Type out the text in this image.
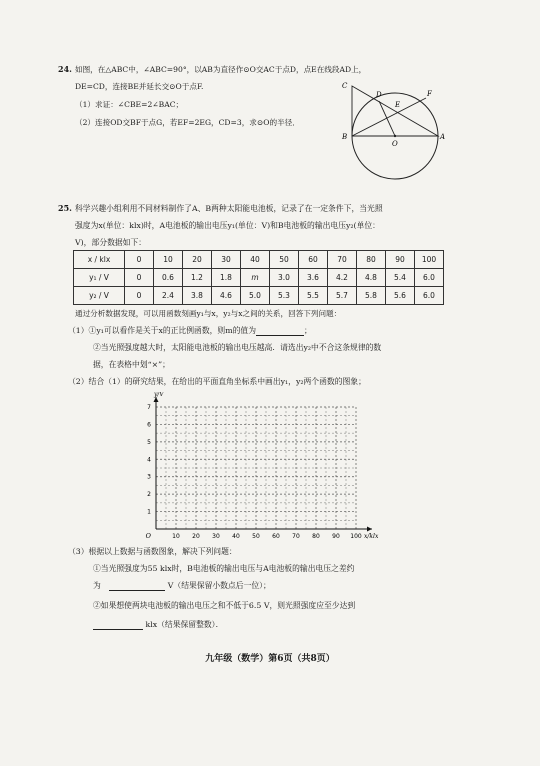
24. 如图，在△ABC中，∠ABC=90°，以AB为直径作⊙O交AC于点D，点E在线段AD上，
DE=CD，连接BE并延长交⊙O于点F.
（1）求证：∠CBE=2∠BAC；
（2）连接OD交BF于点G，若EF=2EG，CD=3，求⊙O的半径．
C
D
E
F
B
O
A
25. 科学兴趣小组利用不同材料制作了A、B两种太阳能电池板，记录了在一定条件下，当光照
强度为x(单位：klx)时，A电池板的输出电压y₁(单位：V)和B电池板的输出电压y₂(单位：
V)，部分数据如下：
x / klx	0	10	20	30	40	50	60	70	80	90	100
y₁ / V	0	0.6	1.2	1.8	m	3.0	3.6	4.2	4.8	5.4	6.0
y₂ / V	0	2.4	3.8	4.6	5.0	5.3	5.5	5.7	5.8	5.6	6.0
通过分析数据发现，可以用函数刻画y₁与x，y₂与x之间的关系，回答下列问题：
（1）①y₁可以看作是关于x的正比例函数，则m的值为	；
②当光照强度越大时，太阳能电池板的输出电压越高．请选出y₂中不合这条规律的数
据，在表格中划“×”；
（2）结合（1）的研究结果，在给出的平面直角坐标系中画出y₁，y₂两个函数的图象；
10 20 30 40 50 60 70 80 90 100
1
2
3
4
5
6
7
O	x/klx
y/V
（3）根据以上数据与函数图象，解决下列问题：
①当光照强度为55 klx时，B电池板的输出电压与A电池板的输出电压之差约
为	V（结果保留小数点后一位）；
②如果想使两块电池板的输出电压之和不低于6.5 V，则光照强度应至少达到
klx（结果保留整数）．
九年级（数学）第6页（共8页）
